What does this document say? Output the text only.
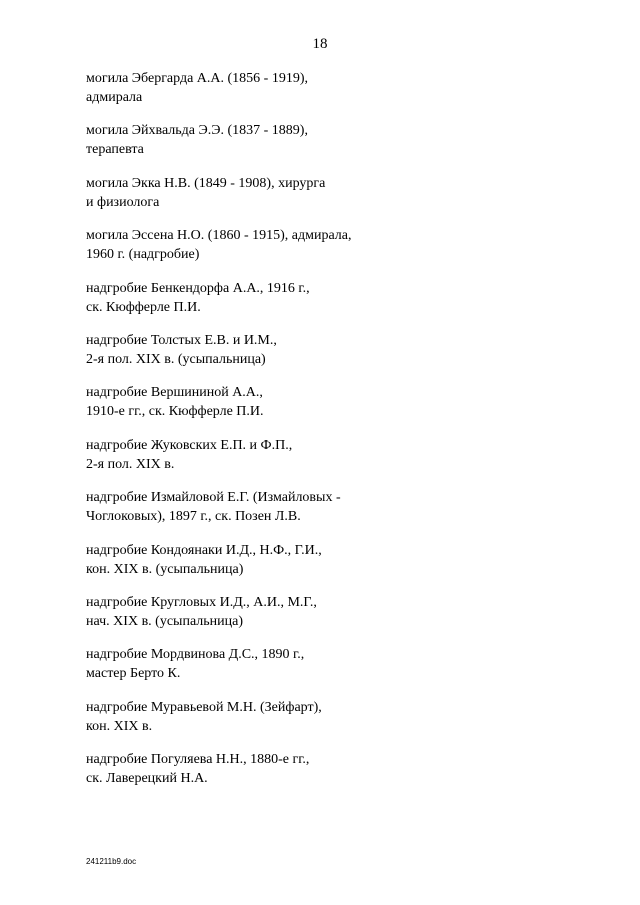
18
могила Эбергарда А.А. (1856 - 1919),
адмирала
могила Эйхвальда Э.Э. (1837 - 1889),
терапевта
могила Экка Н.В. (1849 - 1908), хирурга
и физиолога
могила Эссена Н.О. (1860 - 1915), адмирала,
1960 г. (надгробие)
надгробие Бенкендорфа А.А., 1916 г.,
ск. Кюфферле П.И.
надгробие Толстых Е.В. и И.М.,
2-я пол. XIX в. (усыпальница)
надгробие Вершининой А.А.,
1910-е гг., ск. Кюфферле П.И.
надгробие Жуковских Е.П. и Ф.П.,
2-я пол. XIX в.
надгробие Измайловой Е.Г. (Измайловых -
Чоглоковых), 1897 г., ск. Позен Л.В.
надгробие Кондоянаки И.Д., Н.Ф., Г.И.,
кон. XIX в. (усыпальница)
надгробие Кругловых И.Д., А.И., М.Г.,
нач. XIX в. (усыпальница)
надгробие Мордвинова Д.С., 1890 г.,
мастер Берто К.
надгробие Муравьевой М.Н. (Зейфарт),
кон. XIX в.
надгробие Погуляева Н.Н., 1880-е гг.,
ск. Лаверецкий Н.А.
241211b9.doc
